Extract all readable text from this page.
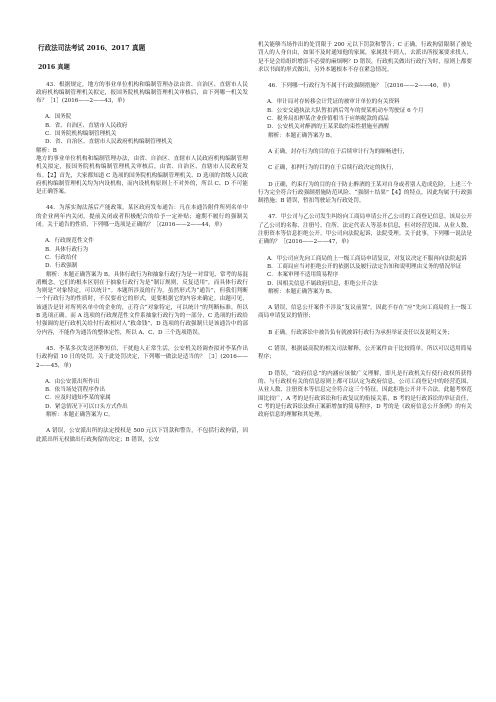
行政法司法考试 2016、2017 真题
2016 真题
43．根据规定，地方的事业单位机构和编制管理办法由省、自治区、直辖市人民政府机构编制管理机关拟定，报国务院机构编制管理机关审核后，由下列哪一机关发布？［1］(2016——2——43，单)
A．国务院
B．省、自治区、直辖市人民政府
C．国务院机构编制管理机关
D．省、自治区、直辖市人民政府机构编制管理机关
解析：B
地方的事业单位机构和编制管理办法，由省、自治区、直辖市人民政府机构编制管理机关拟定，报国务院机构编制管理机关审核后，由省、自治区、直辖市人民政府发布。【2】首先，大家都知道 C 选项的国务院机构编制管理机关、D 选项的省级人民政府机构编制管理机关均为内设机构，而内设机构原则上不对外的，所以 C、D 不可能是正确答案。
44．为落实淘汰落后产能政策，某区政府发布通告：凡在本通告附件所列名单中的企业两年内关闭，提前关闭或者积极配合的给予一定补贴；逾期不履行的强制关闭。关于通告的性质，下列哪一选项是正确的？［(2016——2——44，单)
A．行政规范性文件
B．具体行政行为
C．行政给付
D．行政强制
解析：本题正确答案为 B。具体行政行为和抽象行政行为是一对常见、常考的易混淆概念，它们的根本区别在于抽象行政行为是“制订规则，反复适用”，而具体行政行为则是“对象特定，可以统计”。本题所涉及的行为，虽然形式为“通告”，但我们判断一个行政行为的性质时，不仅要看它的形式，更要根据它的内容来确定。由题可见，该通告是针对所列名单中的企业的，正符合“对象特定，可以统计”的判断标准。所以 B 选项正确。而 A 选项的行政规范性文件系抽象行政行为的一部分，C 选项的行政给付强调的是行政机关给付行政相对人“救命钱”，D 选项的行政强制只是该通告中的部分内容，不能作为通告的整体定性，所以 A、C、D 三个选项错误。
45．李某多次发送淫秽短信，干扰他人正常生活，公安机关经调查拟对李某作出行政拘留 10 日的处罚。关于此处罚决定，下列哪一做法是适当的？［3］(2016——2——45，单)
A．由公安派出所作出
B．依当场处罚程序作出
C．应及时通知李某的家属
D．紧急情况下可以口头方式作出
解析：本题正确答案为 C。
A 错误，公安派出所的法定授权是 500 元以下罚款和警告，不包括行政拘留，因此派出所无权做出行政拘留的决定；B 错误，公安
机关能够当场作出的处罚限于 200 元以下罚款和警告；C 正确，行政拘留限制了被处罚人的人身自由，如果不及时通知他的家属，家属找不到人，去派出所报案要求找人，是不是会给组织增添不必要的麻烦啊？D 错误，行政机关做出行政行为时，原则上都要求以书面的形式做出，另外本题根本不存在紧急情况。
46．下列哪一行政行为不属于行政强制措施？［(2016——2——46，单)
A．审计局对存转移会计凭证的被审计单位的有关资料
B．公安交通执法大队暂扣酒后驾车的贾某机动车驾驶证 6 个月
C．税务局扣押某企业价值相当于应纳税款的商品
D．公安机关对醉酒的王某采取约束性措施至酒醒
解析：本题正确答案为 B。
A 正确，封存行为的目的在于后续审计行为的顺畅进行，
C 正确，扣押行为的目的在于后续行政决定的执行，
D 正确，约束行为的目的在于防止醉酒的王某对自身或者别人造成危险，上述三个行为完全符合行政强制措施防范风险、“强制＋结果”【4】的特点，因此均属于行政强制措施；B 错误，暂扣驾驶证为行政处罚。
47．甲公司与乙公司发生纠纷向工商局申请公开乙公司的工商登记信息。该局公开了乙公司的名称、注册号、住所、法定代表人等基本信息，但对经营范围、从业人数、注册资本等信息拒绝公开。甲公司向法院起诉，法院受理。关于此事，下列哪一说法是正确的？［(2016——2——47，单)
A．甲公司应先向工商局的上一级工商局申请复议，对复议决定不服再向法院起诉
B．工商局应当对拒绝公开的依据以及履行法定告知和说明理由义务的情况举证
C．本案审理不适用简易程序
D．因相关信息不属政府信息，拒绝公开合法
解析：本题正确答案为 B。
A 错误，信息公开案件不涉及“复议前置”，因此不存在“应”先向工商局的上一级工商局申请复议的情形；
B 正确，行政诉讼中被告负有就被诉行政行为承担举证责任以及说明义务；
C 错误，根据最高院的相关司法解释，公开案件由于比较简单，所以可以适用简易程序；
D 错误，“政府信息”的内涵应该做广义理解，即凡是行政机关行使行政权所获得的、与行政权有关的信息原则上都可以认定为政府信息，公司工商登记中的经营范围、从业人数、注册资本等信息完全符合这三个特征，因此拒绝公开并不合法。此题考察范围比较广，A 考的是行政诉讼和行政复议的衔接关系，B 考的是行政诉讼的举证责任，C 考的是行政诉讼法修正案新增加的简易程序，D 考的是《政府信息公开条例》的有关政府信息的理解和其处理。
